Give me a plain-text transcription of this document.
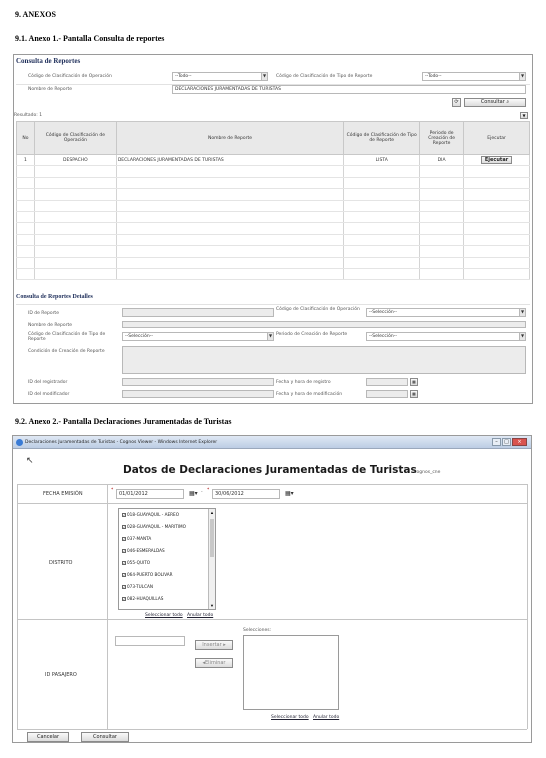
9. ANEXOS
9.1. Anexo 1.- Pantalla Consulta de reportes
Consulta de Reportes
Código de Clasificación de Operación	--Todo--	▼ Código de Clasificación de Tipo de Reporte	--Todo--	▼
Nombre de Reporte	DECLARACIONES JURAMENTADAS DE TURISTAS
⟳	Consultar ⌕
Resultado: 1	▼
No	Código de Clasificación de Operación	Nombre de Reporte	Código de Clasificación de Tipo de Reporte	Periodo de Creación de Reporte	Ejecutar
1	DESPACHO	DECLARACIONES JURAMENTADAS DE TURISTAS	LISTA	DIA	Ejecutar

Consulta de Reportes Detalles
ID de Reporte
Código de Clasificación de Operación
--Selección--	▼
Nombre de Reporte
Código de Clasificación de Tipo de Reporte
--Selección--	▼ Periodo de Creación de Reporte	--Selección--	▼
Condición de Creación de Reporte
ID del registrador	Fecha y hora de registro	▦
ID del modificador	Fecha y hora de modificación	▦
9.2. Anexo 2.- Pantalla Declaraciones Juramentadas de Turistas
Declaraciones Juramentadas de Turistas - Cognos Viewer - Windows Internet Explorer	–	□	×
↖
Datos de Declaraciones Juramentadas de Turistas
- cognos_cne
FECHA EMISIÓN
*
01/01/2012	▦▾ - *
30/06/2012	▦▾
DISTRITO
✓018-GUAYAQUIL - AEREO
✓028-GUAYAQUIL - MARITIMO
✓037-MANTA
✓046-ESMERALDAS
✓055-QUITO
✓064-PUERTO BOLIVAR
✓073-TULCAN
✓082-HUAQUILLAS
▲
▼
Seleccionar todo Anular todo
ID PASAJERO
Insertar ▸
◂Eliminar
Selecciones:
Seleccionar todo Anular todo
Cancelar	Consultar
